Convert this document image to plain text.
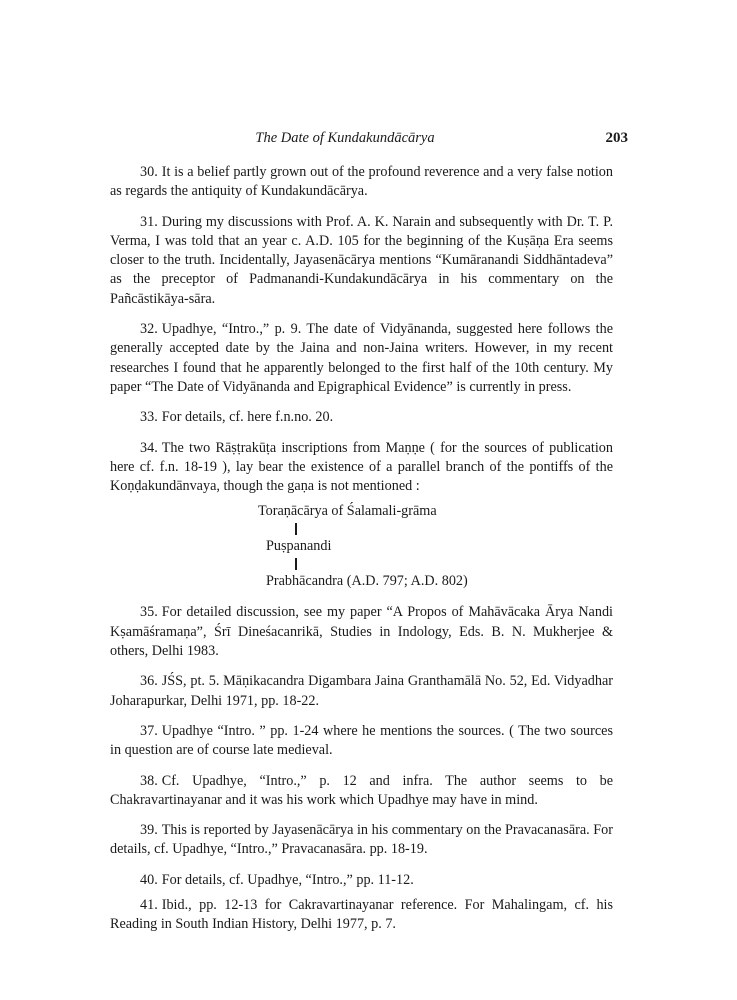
The Date of Kundakundācārya	203

30. It is a belief partly grown out of the profound reverence and a very false notion as regards the antiquity of Kundakundācārya.

31. During my discussions with Prof. A. K. Narain and subsequently with Dr. T. P. Verma, I was told that an year c. A.D. 105 for the beginning of the Kuṣāṇa Era seems closer to the truth. Incidentally, Jayasenācārya mentions “Kumāranandi Siddhāntadeva” as the preceptor of Padmanandi-Kundakundācārya in his commentary on the Pañcāstikāya-sāra.

32. Upadhye, “Intro.,” p. 9. The date of Vidyānanda, suggested here follows the generally accepted date by the Jaina and non-Jaina writers. However, in my recent researches I found that he apparently belonged to the first half of the 10th century. My paper “The Date of Vidyānanda and Epigraphical Evidence” is currently in press.

33. For details, cf. here f.n.no. 20.

34. The two Rāṣṭrakūṭa inscriptions from Maṇṇe ( for the sources of publication here cf. f.n. 18-19 ), lay bear the existence of a parallel branch of the pontiffs of the Koṇḍakundānvaya, though the gaṇa is not mentioned :

Toraṇācārya of Śalamali-grāma
Puṣpanandi
Prabhācandra (A.D. 797; A.D. 802)

35. For detailed discussion, see my paper “A Propos of Mahāvācaka Ārya Nandi Kṣamāśramaṇa”, Śrī Dineśacanrikā, Studies in Indology, Eds. B. N. Mukherjee & others, Delhi 1983.

36. JŚS, pt. 5. Māṇikacandra Digambara Jaina Granthamālā No. 52, Ed. Vidyadhar Joharapurkar, Delhi 1971, pp. 18-22.

37. Upadhye “Intro. ” pp. 1-24 where he mentions the sources. ( The two sources in question are of course late medieval.

38. Cf. Upadhye, “Intro.,” p. 12 and infra. The author seems to be Chakravartinayanar and it was his work which Upadhye may have in mind.

39. This is reported by Jayasenācārya in his commentary on the Pravacanasāra. For details, cf. Upadhye, “Intro.,” Pravacanasāra. pp. 18-19.

40. For details, cf. Upadhye, “Intro.,” pp. 11-12.

41. Ibid., pp. 12-13 for Cakravartinayanar reference. For Mahalingam, cf. his Reading in South Indian History, Delhi 1977, p. 7.
